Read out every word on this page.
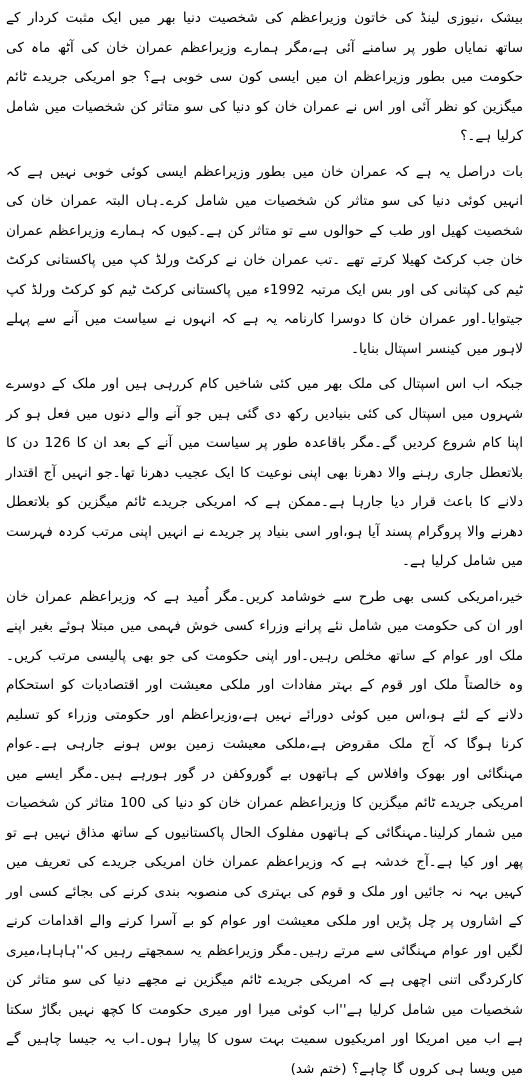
بیشک ،نیوزی لینڈ کی خاتون وزیراعظم کی شخصیت دنیا بھر میں ایک مثبت کردار کے ساتھ نمایاں طور پر سامنے آئی ہے،مگر ہمارے وزیراعظم عمران خان کی آٹھ ماہ کی حکومت میں بطور وزیراعظم ان میں ایسی کون سی خوبی ہے؟ جو امریکی جریدے ٹائم میگزین کو نظر آئی اور اس نے عمران خان کو دنیا کی سو متاثر کن شخصیات میں شامل کرلیا ہے۔؟

بات دراصل یہ ہے کہ عمران خان میں بطور وزیراعظم ایسی کوئی خوبی نہیں ہے کہ انہیں کوئی دنیا کی سو متاثر کن شخصیات میں شامل کرے۔ہاں البتہ عمران خان کی شخصیت کھیل اور طب کے حوالوں سے تو متاثر کن ہے۔کیوں کہ ہمارے وزیراعظم عمران خان جب کرکٹ کھیلا کرتے تھے ۔تب عمران خان نے کرکٹ ورلڈ کپ میں پاکستانی کرکٹ ٹیم کی کپتانی کی اور بس ایک مرتبہ 1992ء میں پاکستانی کرکٹ ٹیم کو کرکٹ ورلڈ کپ جیتوایا۔اور عمران خان کا دوسرا کارنامہ یہ ہے کہ انہوں نے سیاست میں آنے سے پہلے لاہور میں کینسر اسپتال بنایا۔

جبکہ اب اس اسپتال کی ملک بھر میں کئی شاخیں کام کررہی ہیں اور ملک کے دوسرے شہروں میں اسپتال کی کئی بنیادیں رکھ دی گئی ہیں جو آنے والے دنوں میں فعل ہو کر اپنا کام شروع کردیں گے۔مگر باقاعدہ طور پر سیاست میں آنے کے بعد ان کا 126 دن کا بلاتعطل جاری رہنے والا دھرنا بھی اپنی نوعیت کا ایک عجیب دھرنا تھا۔جو انہیں آج اقتدار دلانے کا باعث قرار دیا جارہا ہے۔ممکن ہے کہ امریکی جریدے ٹائم میگزین کو بلاتعطل دھرنے والا پروگرام پسند آیا ہو،اور اسی بنیاد پر جریدے نے انہیں اپنی مرتب کردہ فہرست میں شامل کرلیا ہے۔

خیر،امریکی کسی بھی طرح سے خوشامد کریں۔مگر اُمید ہے کہ وزیراعظم عمران خان اور ان کی حکومت میں شامل نئے پرانے وزراء کسی خوش فہمی میں مبتلا ہوئے بغیر اپنے ملک اور عوام کے ساتھ مخلص رہیں۔اور اپنی حکومت کی جو بھی پالیسی مرتب کریں۔وہ خالصتاً ملک اور قوم کے بہتر مفادات اور ملکی معیشت اور اقتصادیات کو استحکام دلانے کے لئے ہو،اس میں کوئی دورائے نہیں ہے،وزیراعظم اور حکومتی وزراء کو تسلیم کرنا ہوگا کہ آج ملک مقروض ہے،ملکی معیشت زمین بوس ہونے جارہی ہے۔عوام مہنگائی اور بھوک وافلاس کے ہاتھوں بے گوروکفن در گور ہورہے ہیں۔مگر ایسے میں امریکی جریدے ٹائم میگزین کا وزیراعظم عمران خان کو دنیا کی 100 متاثر کن شخصیات میں شمار کرلینا۔مہنگائی کے ہاتھوں مفلوک الحال پاکستانیوں کے ساتھ مذاق نہیں ہے تو پھر اور کیا ہے۔آج خدشہ ہے کہ وزیراعظم عمران خان امریکی جریدے کی تعریف میں کہیں بہہ نہ جائیں اور ملک و قوم کی بہتری کی منصوبہ بندی کرنے کی بجائے کسی اور کے اشاروں پر چل پڑیں اور ملکی معیشت اور عوام کو بے آسرا کرنے والے اقدامات کرنے لگیں اور عوام مہنگائی سے مرتے رہیں۔مگر وزیراعظم یہ سمجھتے رہیں کہ''ہاہاہا،میری کارکردگی اتنی اچھی ہے کہ امریکی جریدے ٹائم میگزین نے مجھے دنیا کی سو متاثر کن شخصیات میں شامل کرلیا ہے''اب کوئی میرا اور میری حکومت کا کچھ نہیں بگاڑ سکتا ہے اب میں امریکا اور امریکیوں سمیت بہت سوں کا پیارا ہوں۔اب یہ جیسا چاہیں گے میں ویسا ہی کروں گا چاہے؟ (ختم شد)
